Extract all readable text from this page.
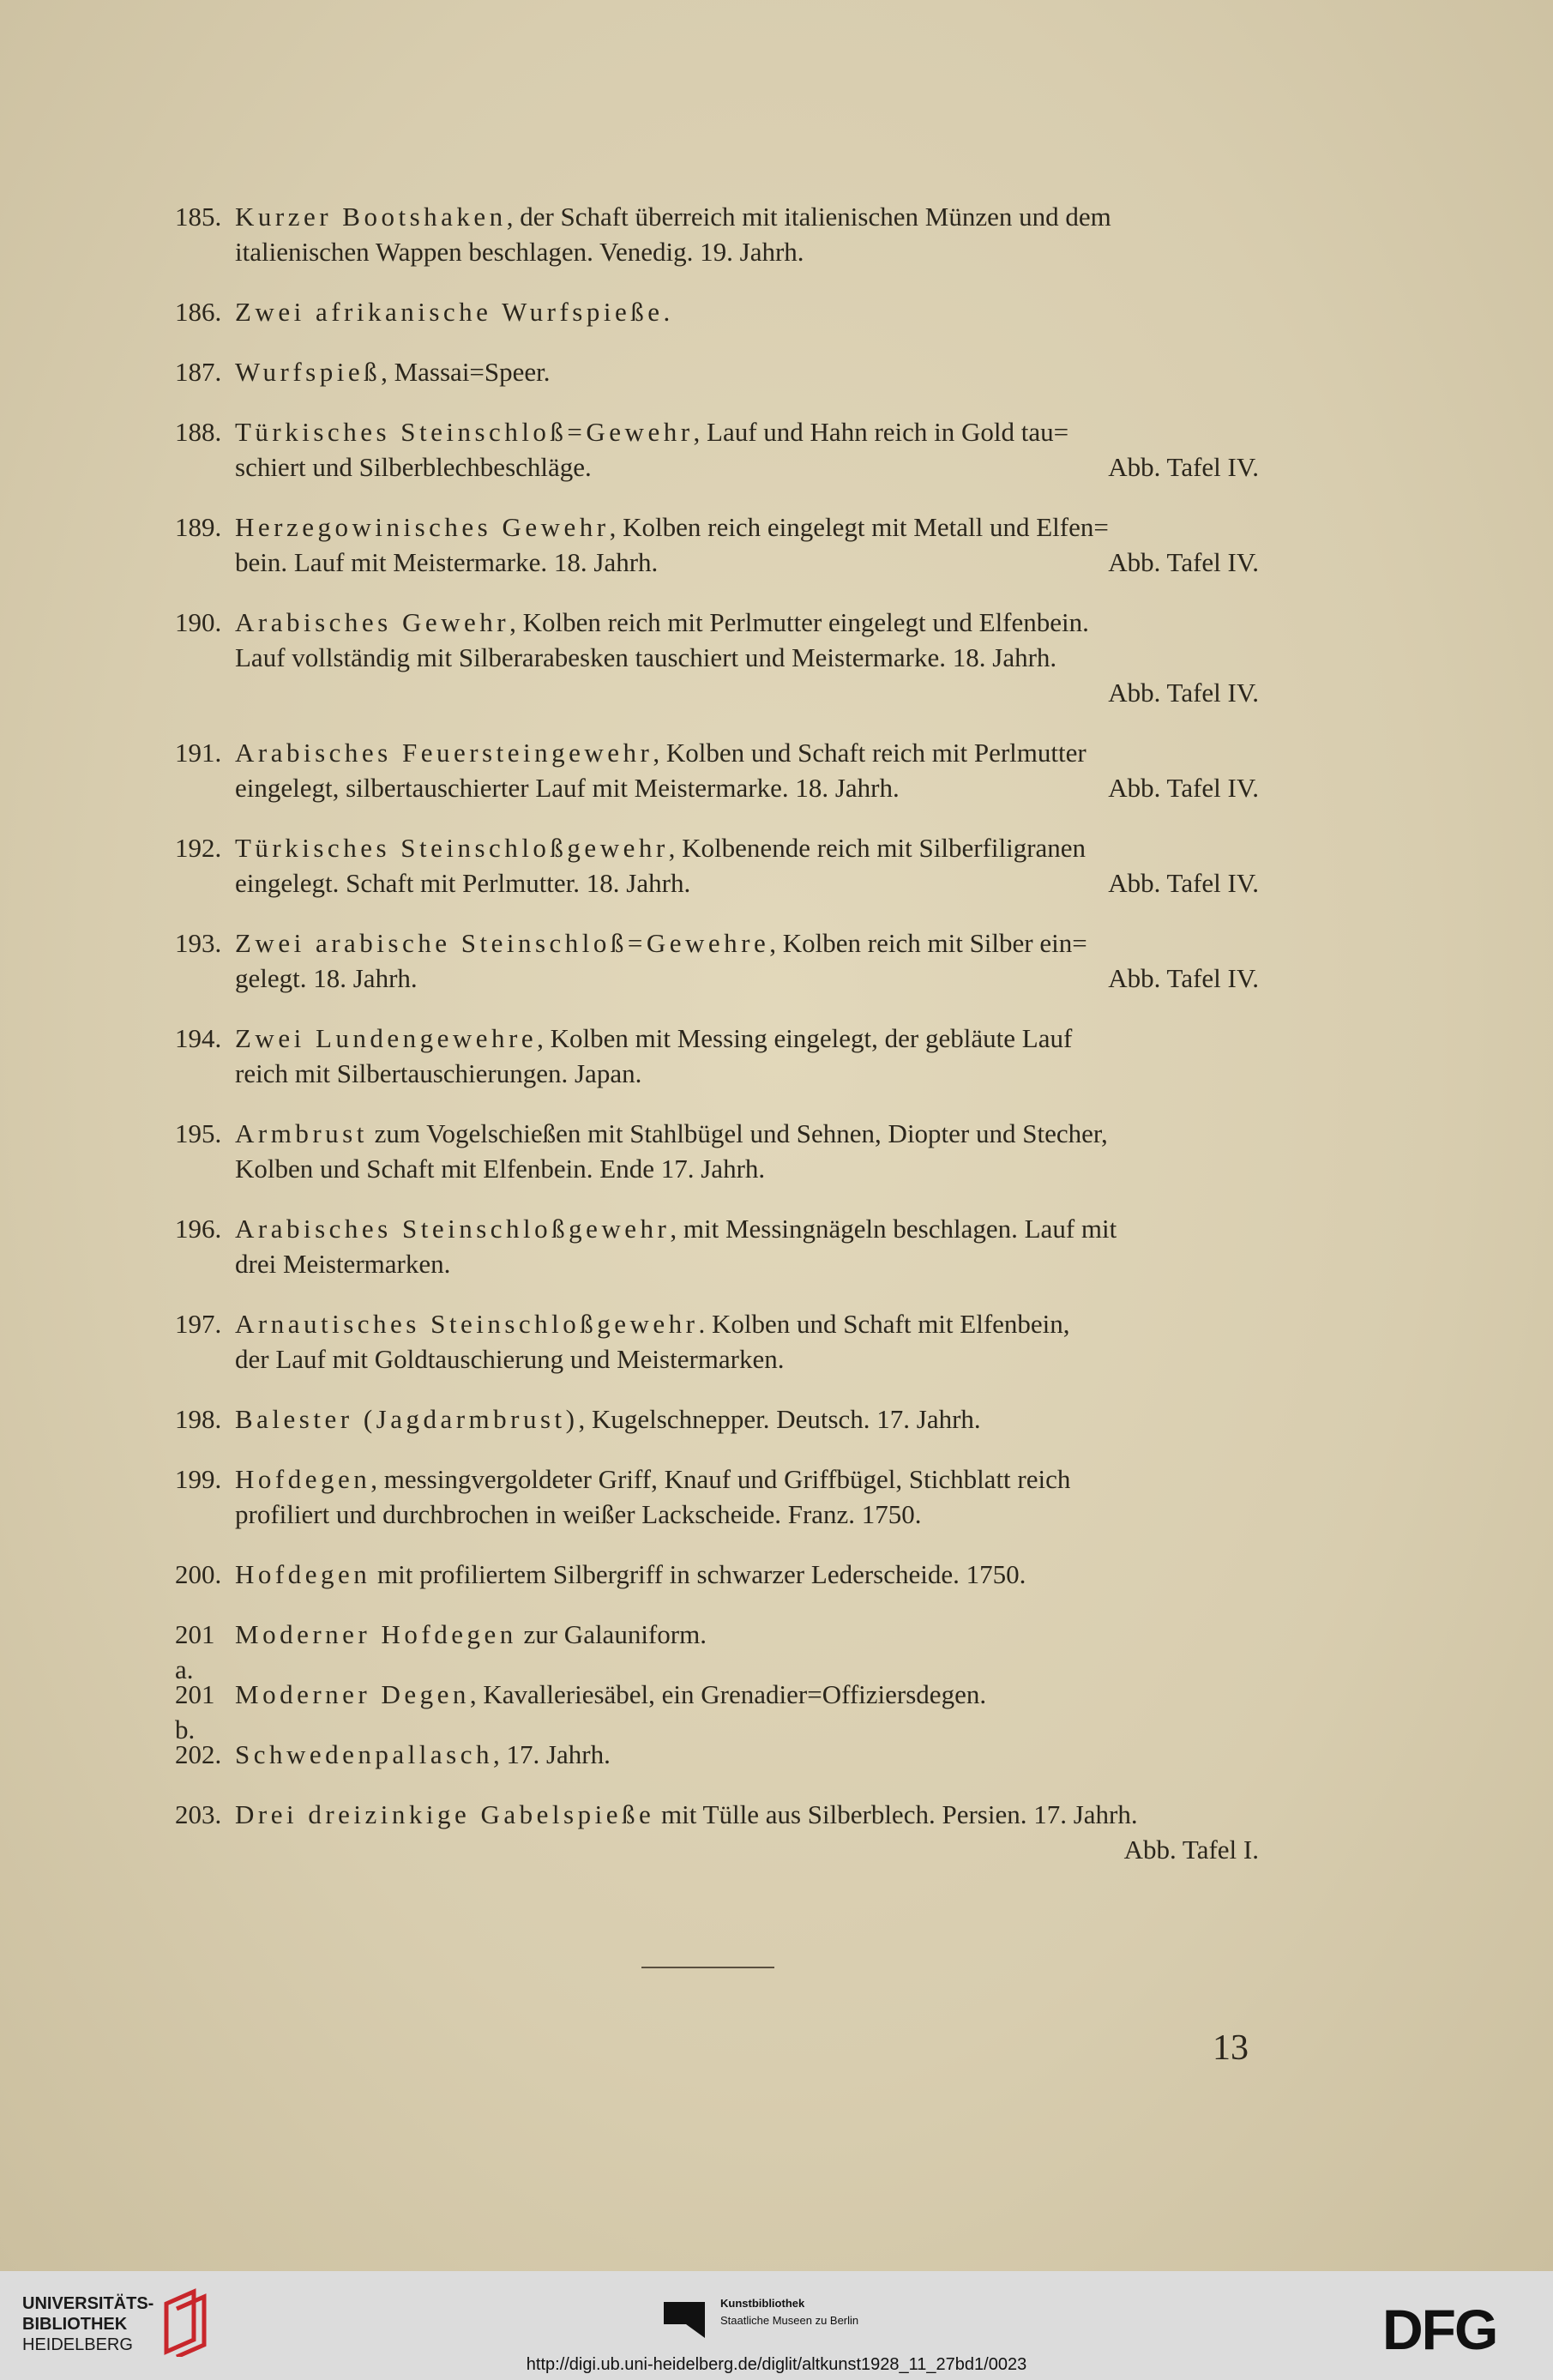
185. Kurzer Bootshaken, der Schaft überreich mit italienischen Münzen und dem
italienischen Wappen beschlagen. Venedig. 19. Jahrh.
186. Zwei afrikanische Wurfspieße.
187. Wurfspieß, Massai=Speer.
188. Türkisches Steinschloß=Gewehr, Lauf und Hahn reich in Gold tau=
schiert und Silberblechbeschläge.	Abb. Tafel IV.
189. Herzegowinisches Gewehr, Kolben reich eingelegt mit Metall und Elfen=
bein. Lauf mit Meistermarke. 18. Jahrh.	Abb. Tafel IV.
190. Arabisches Gewehr, Kolben reich mit Perlmutter eingelegt und Elfenbein.
Lauf vollständig mit Silberarabesken tauschiert und Meistermarke. 18. Jahrh.
Abb. Tafel IV.
191. Arabisches Feuersteingewehr, Kolben und Schaft reich mit Perlmutter
eingelegt, silbertauschierter Lauf mit Meistermarke. 18. Jahrh.	Abb. Tafel IV.
192. Türkisches Steinschloßgewehr, Kolbenende reich mit Silberfiligranen
eingelegt. Schaft mit Perlmutter. 18. Jahrh.	Abb. Tafel IV.
193. Zwei arabische Steinschloß=Gewehre, Kolben reich mit Silber ein=
gelegt. 18. Jahrh.	Abb. Tafel IV.
194. Zwei Lundengewehre, Kolben mit Messing eingelegt, der gebläute Lauf
reich mit Silbertauschierungen. Japan.
195. Armbrust zum Vogelschießen mit Stahlbügel und Sehnen, Diopter und Stecher,
Kolben und Schaft mit Elfenbein. Ende 17. Jahrh.
196. Arabisches Steinschloßgewehr, mit Messingnägeln beschlagen. Lauf mit
drei Meistermarken.
197. Arnautisches Steinschloßgewehr. Kolben und Schaft mit Elfenbein,
der Lauf mit Goldtauschierung und Meistermarken.
198. Balester (Jagdarmbrust), Kugelschnepper. Deutsch. 17. Jahrh.
199. Hofdegen, messingvergoldeter Griff, Knauf und Griffbügel, Stichblatt reich
profiliert und durchbrochen in weißer Lackscheide. Franz. 1750.
200. Hofdegen mit profiliertem Silbergriff in schwarzer Lederscheide. 1750.
201 a.
Moderner Hofdegen zur Galauniform.
201 b.
Moderner Degen, Kavalleriesäbel, ein Grenadier=Offiziersdegen.
202. Schwedenpallasch, 17. Jahrh.
203. Drei dreizinkige Gabelspieße mit Tülle aus Silberblech. Persien. 17. Jahrh.
Abb. Tafel I.
13
UNIVERSITÄTS-
BIBLIOTHEK
HEIDELBERG
Kunstbibliothek
Staatliche Museen zu Berlin	DFG
http://digi.ub.uni-heidelberg.de/diglit/altkunst1928_11_27bd1/0023
